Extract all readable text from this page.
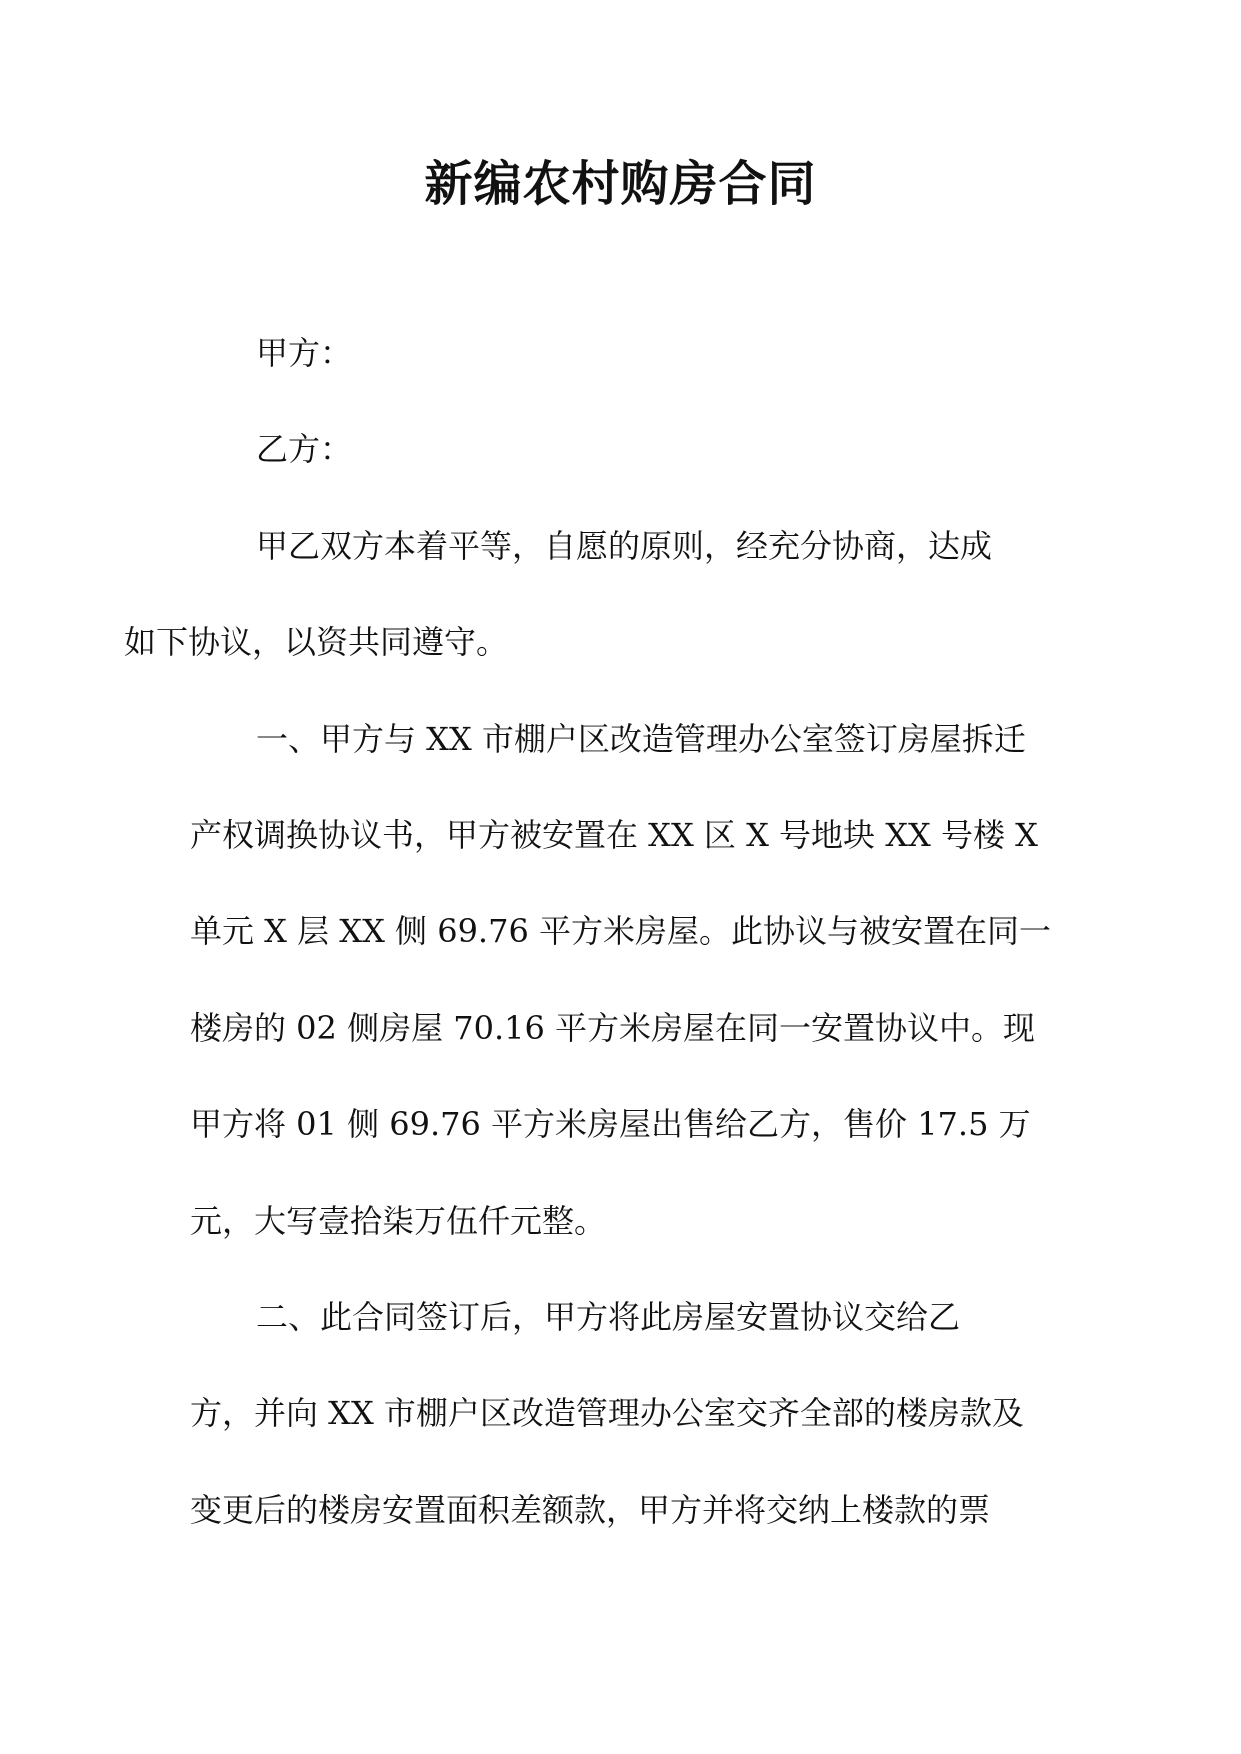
新编农村购房合同

甲方：

乙方：

甲乙双方本着平等，自愿的原则，经充分协商，达成
如下协议，以资共同遵守。

一、甲方与 XX 市棚户区改造管理办公室签订房屋拆迁
产权调换协议书，甲方被安置在 XX 区 X 号地块 XX 号楼 X
单元 X 层 XX 侧 69.76 平方米房屋。此协议与被安置在同一
楼房的 02 侧房屋 70.16 平方米房屋在同一安置协议中。现
甲方将 01 侧 69.76 平方米房屋出售给乙方，售价 17.5 万
元，大写壹拾柒万伍仟元整。

二、此合同签订后，甲方将此房屋安置协议交给乙
方，并向 XX 市棚户区改造管理办公室交齐全部的楼房款及
变更后的楼房安置面积差额款，甲方并将交纳上楼款的票
